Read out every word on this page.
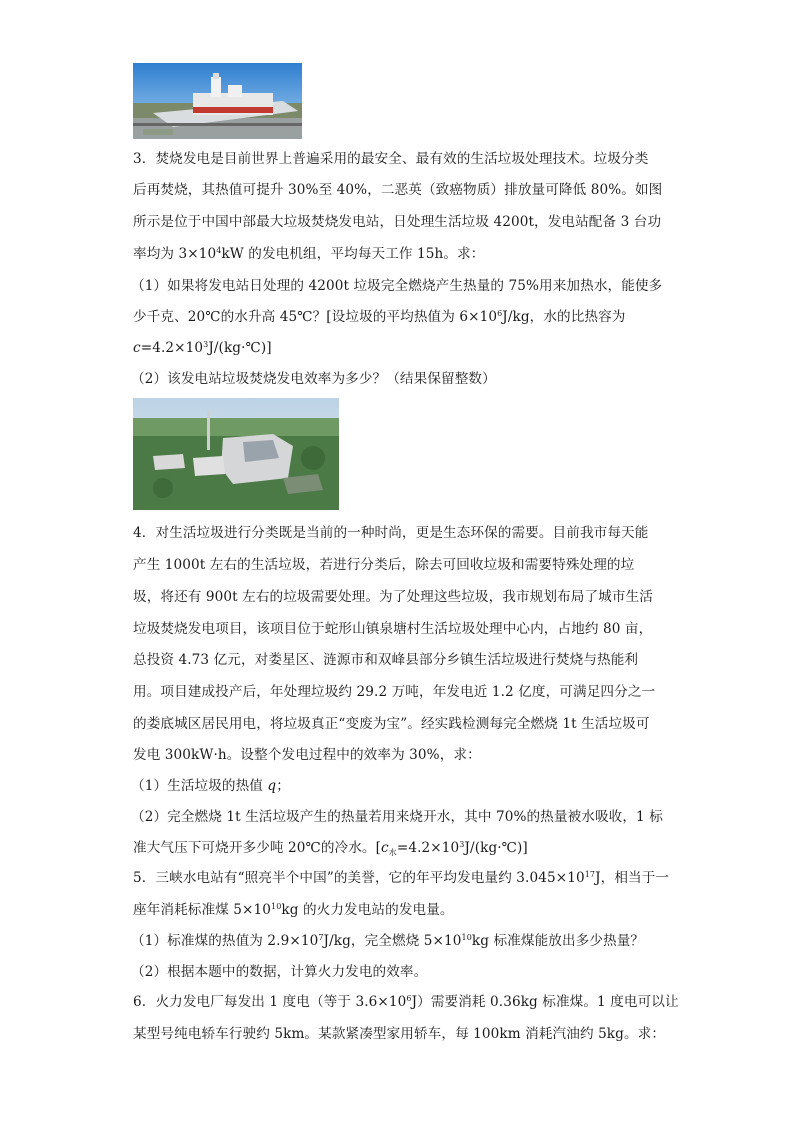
3．焚烧发电是目前世界上普遍采用的最安全、最有效的生活垃圾处理技术。垃圾分类
后再焚烧，其热值可提升 30%至 40%，二恶英（致癌物质）排放量可降低 80%。如图
所示是位于中国中部最大垃圾焚烧发电站，日处理生活垃圾 4200t，发电站配备 3 台功
率均为 $3\times 10^4kW$ 的发电机组，平均每天工作 15h。求：
（1）如果将发电站日处理的 4200t 垃圾完全燃烧产生热量的 75%用来加热水，能使多
少千克、20℃的水升高 45℃？[设垃圾的平均热值为 $6\times 10^6J/kg$，水的比热容为
$c=4.2\times 10^3J/(kg\cdot℃)$]
（2）该发电站垃圾焚烧发电效率为多少？（结果保留整数）
4．对生活垃圾进行分类既是当前的一种时尚，更是生态环保的需要。目前我市每天能
产生 1000t 左右的生活垃圾，若进行分类后，除去可回收垃圾和需要特殊处理的垃
圾，将还有 900t 左右的垃圾需要处理。为了处理这些垃圾，我市规划布局了城市生活
垃圾焚烧发电项目，该项目位于蛇形山镇泉塘村生活垃圾处理中心内，占地约 80 亩，
总投资 4.73 亿元，对娄星区、涟源市和双峰县部分乡镇生活垃圾进行焚烧与热能利
用。项目建成投产后，年处理垃圾约 29.2 万吨，年发电近 1.2 亿度，可满足四分之一
的娄底城区居民用电，将垃圾真正“变废为宝”。经实践检测每完全燃烧 1t 生活垃圾可
发电 300kW·h。设整个发电过程中的效率为 30%，求：
（1）生活垃圾的热值 q；
（2）完全燃烧 1t 生活垃圾产生的热量若用来烧开水，其中 70%的热量被水吸收，1 标
准大气压下可烧开多少吨 20℃的冷水。$[c_水=4.2\times 10^3J/(kg\cdot℃)]$
5．三峡水电站有“照亮半个中国”的美誉，它的年平均发电量约 $3.045\times 10^{17}J$，相当于一
座年消耗标准煤 $5\times 10^{10}kg$ 的火力发电站的发电量。
（1）标准煤的热值为 $2.9\times 10^7J/kg$，完全燃烧 $5\times 10^{10}kg$ 标准煤能放出多少热量？
（2）根据本题中的数据，计算火力发电的效率。
6．火力发电厂每发出 1 度电（等于 $3.6\times 10^6J$）需要消耗 0.36kg 标准煤。1 度电可以让
某型号纯电轿车行驶约 5km。某款紧凑型家用轿车，每 100km 消耗汽油约 5kg。求：
